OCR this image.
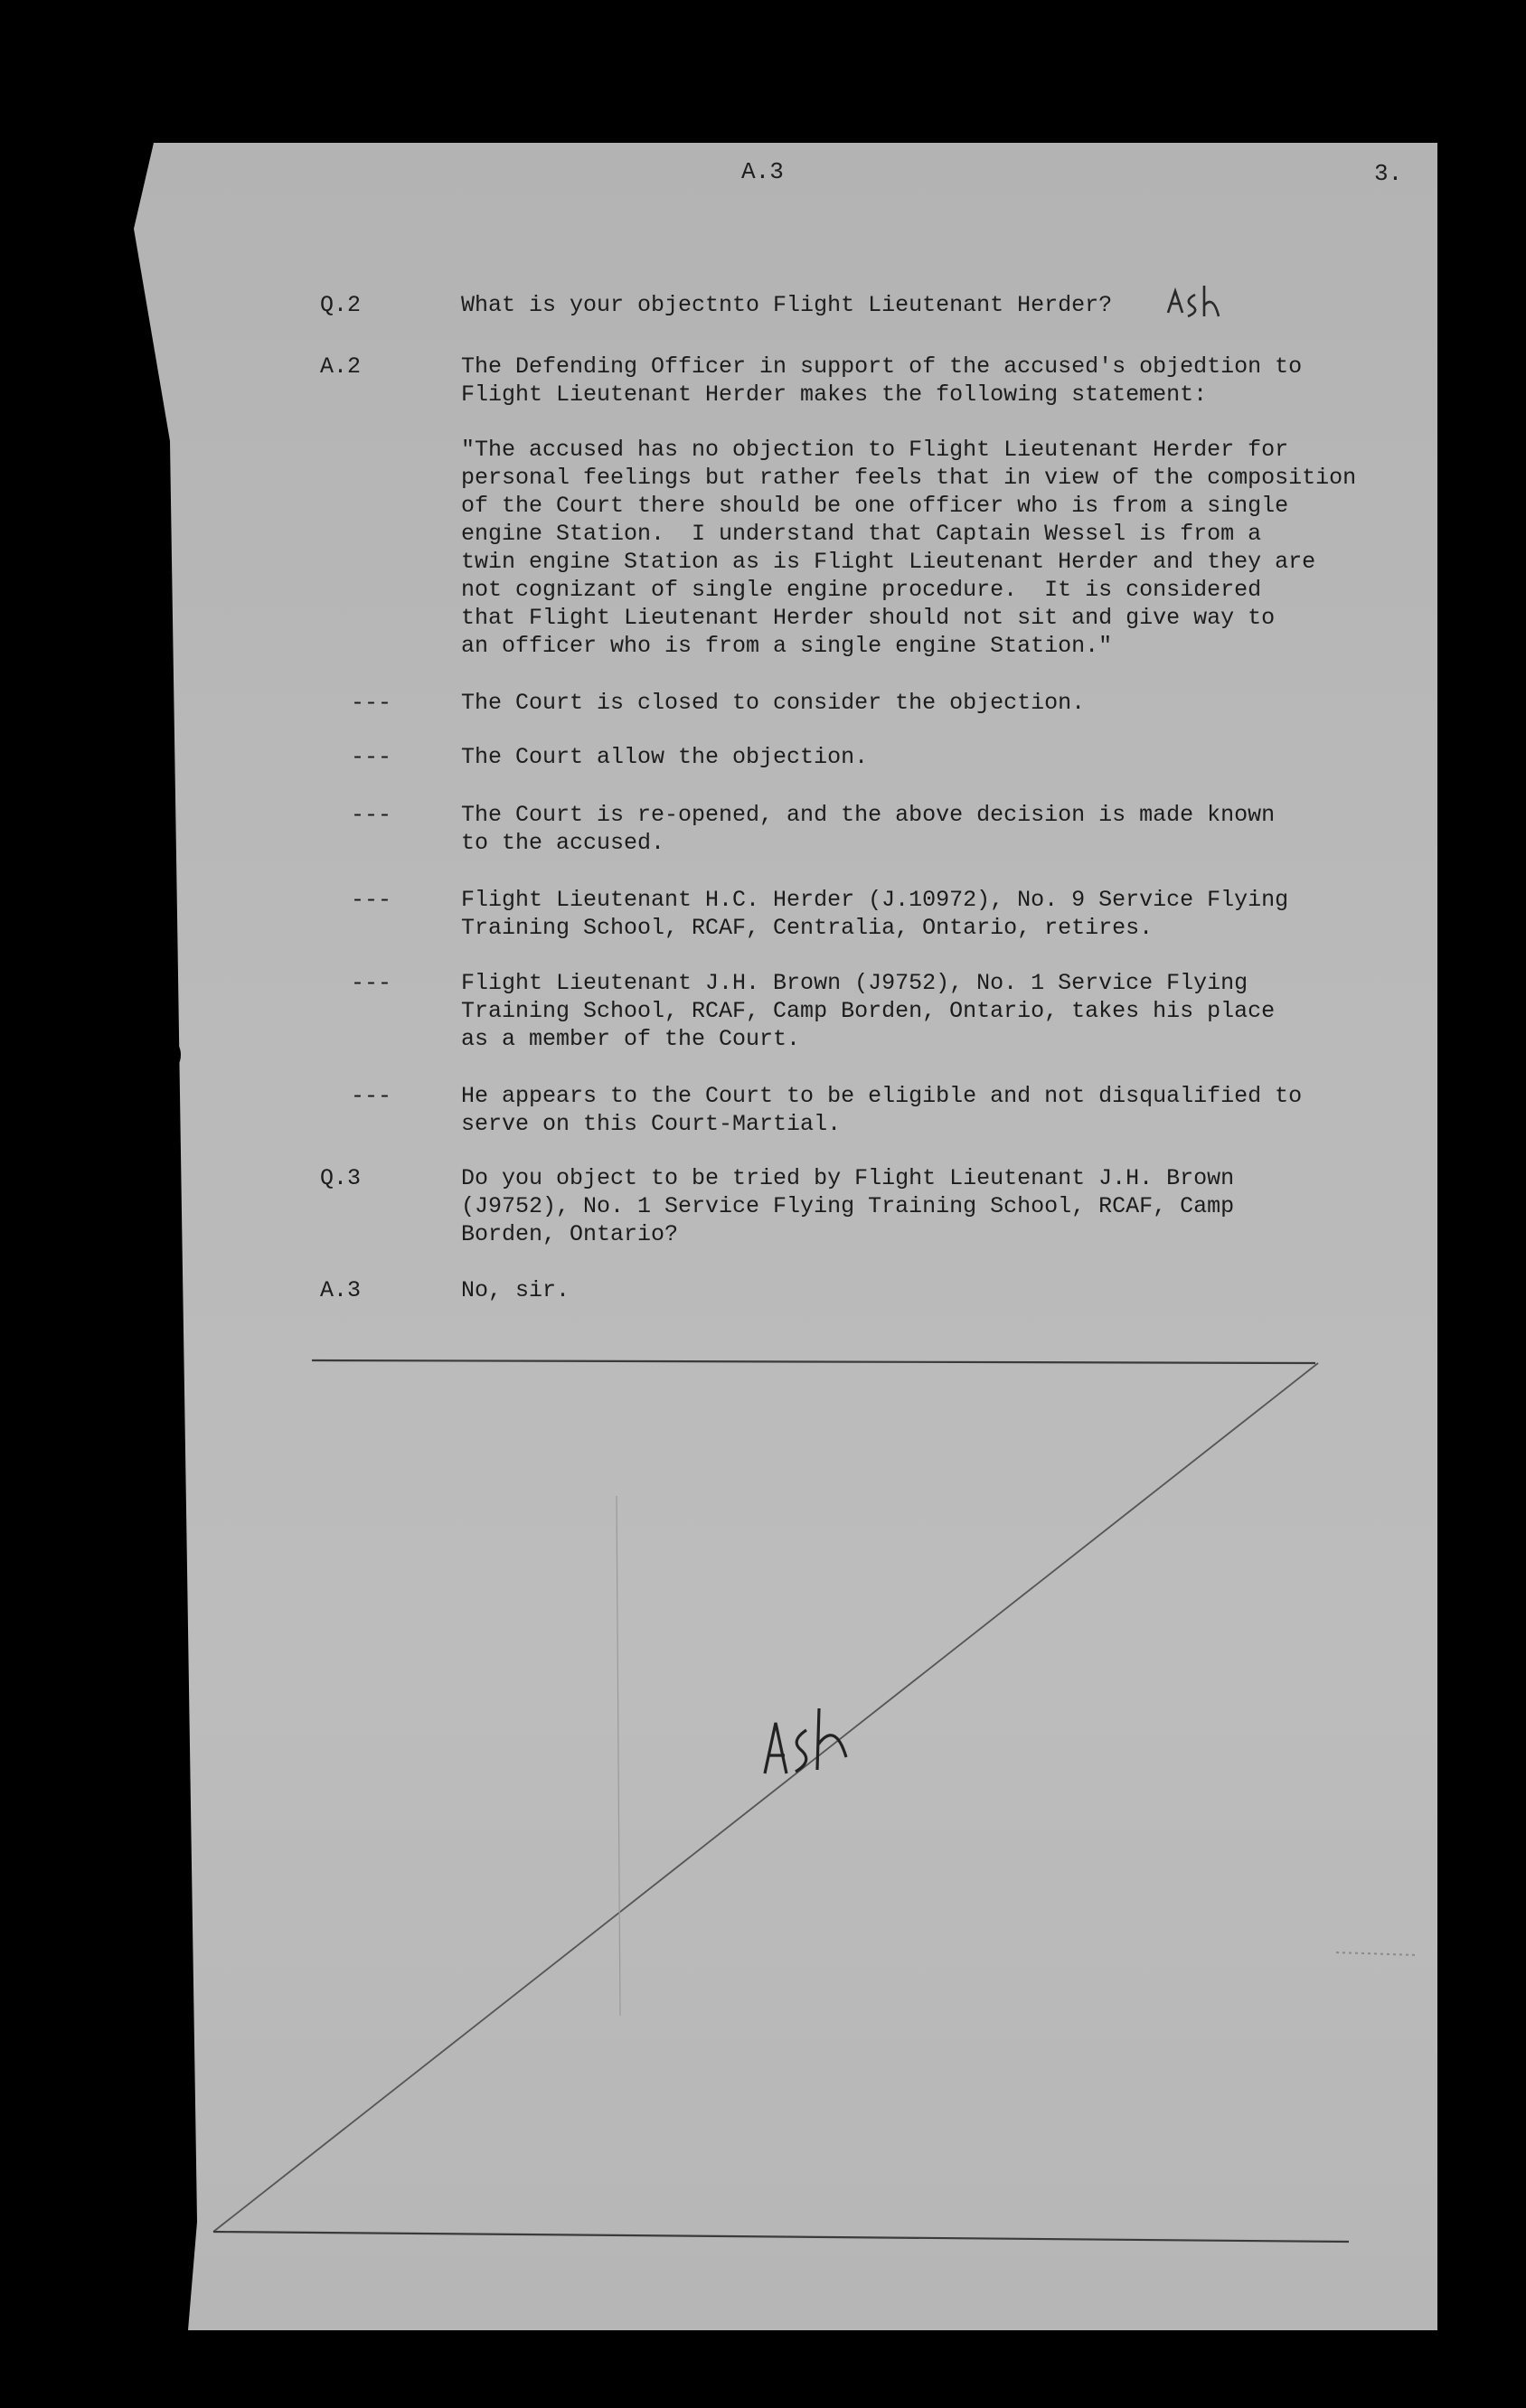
A.3	3.
Q.2	What is your objectnto Flight Lieutenant Herder?
A.2	The Defending Officer in support of the accused's objedtion to
Flight Lieutenant Herder makes the following statement:
"The accused has no objection to Flight Lieutenant Herder for
personal feelings but rather feels that in view of the composition
of the Court there should be one officer who is from a single
engine Station.  I understand that Captain Wessel is from a
twin engine Station as is Flight Lieutenant Herder and they are
not cognizant of single engine procedure.  It is considered
that Flight Lieutenant Herder should not sit and give way to
an officer who is from a single engine Station."
---	The Court is closed to consider the objection.
---	The Court allow the objection.
---	The Court is re-opened, and the above decision is made known
to the accused.
---	Flight Lieutenant H.C. Herder (J.10972), No. 9 Service Flying
Training School, RCAF, Centralia, Ontario, retires.
---	Flight Lieutenant J.H. Brown (J9752), No. 1 Service Flying
Training School, RCAF, Camp Borden, Ontario, takes his place
as a member of the Court.
---	He appears to the Court to be eligible and not disqualified to
serve on this Court-Martial.
Q.3	Do you object to be tried by Flight Lieutenant J.H. Brown
(J9752), No. 1 Service Flying Training School, RCAF, Camp
Borden, Ontario?
A.3	No, sir.
